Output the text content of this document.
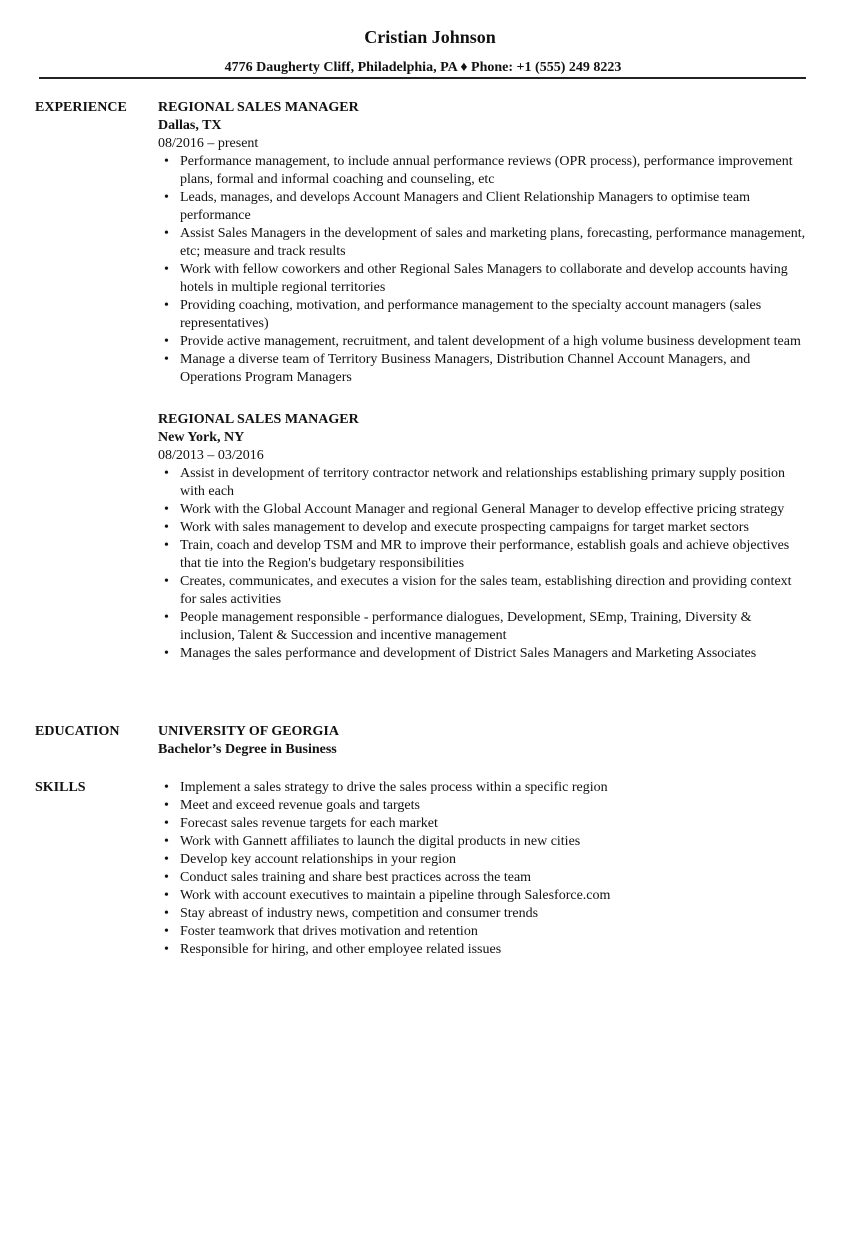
Cristian Johnson
4776 Daugherty Cliff, Philadelphia, PA ♦ Phone: +1 (555) 249 8223
EXPERIENCE REGIONAL SALES MANAGER
Dallas, TX
08/2016 – present
• Performance management, to include annual performance reviews (OPR process), performance improvement plans, formal and informal coaching and counseling, etc
• Leads, manages, and develops Account Managers and Client Relationship Managers to optimise team performance
• Assist Sales Managers in the development of sales and marketing plans, forecasting, performance management, etc; measure and track results
• Work with fellow coworkers and other Regional Sales Managers to collaborate and develop accounts having hotels in multiple regional territories
• Providing coaching, motivation, and performance management to the specialty account managers (sales representatives)
• Provide active management, recruitment, and talent development of a high volume business development team
• Manage a diverse team of Territory Business Managers, Distribution Channel Account Managers, and Operations Program Managers
REGIONAL SALES MANAGER
New York, NY
08/2013 – 03/2016
• Assist in development of territory contractor network and relationships establishing primary supply position with each
• Work with the Global Account Manager and regional General Manager to develop effective pricing strategy
• Work with sales management to develop and execute prospecting campaigns for target market sectors
• Train, coach and develop TSM and MR to improve their performance, establish goals and achieve objectives that tie into the Region's budgetary responsibilities
• Creates, communicates, and executes a vision for the sales team, establishing direction and providing context for sales activities
• People management responsible - performance dialogues, Development, SEmp, Training, Diversity & inclusion, Talent & Succession and incentive management
• Manages the sales performance and development of District Sales Managers and Marketing Associates
EDUCATION	UNIVERSITY OF GEORGIA
Bachelor’s Degree in Business
SKILLS	• Implement a sales strategy to drive the sales process within a specific region
• Meet and exceed revenue goals and targets
• Forecast sales revenue targets for each market
• Work with Gannett affiliates to launch the digital products in new cities
• Develop key account relationships in your region
• Conduct sales training and share best practices across the team
• Work with account executives to maintain a pipeline through Salesforce.com
• Stay abreast of industry news, competition and consumer trends
• Foster teamwork that drives motivation and retention
• Responsible for hiring, and other employee related issues
